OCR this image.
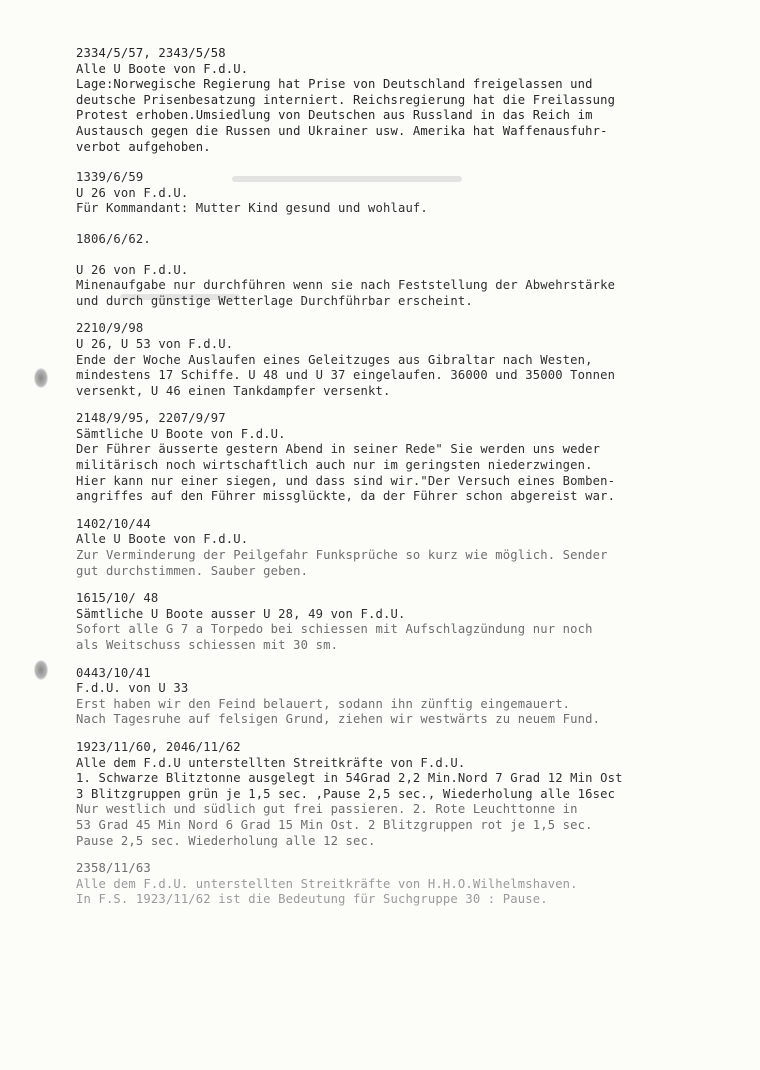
2334/5/57, 2343/5/58
Alle U Boote von F.d.U.
Lage:Norwegische Regierung hat Prise von Deutschland freigelassen und
deutsche Prisenbesatzung interniert. Reichsregierung hat die Freilassung
Protest erhoben.Umsiedlung von Deutschen aus Russland in das Reich im
Austausch gegen die Russen und Ukrainer usw. Amerika hat Waffenausfuhr-
verbot aufgehoben.
1339/6/59
U 26 von F.d.U.
Für Kommandant: Mutter Kind gesund und wohlauf.
1806/6/62.
U 26 von F.d.U.
Minenaufgabe nur durchführen wenn sie nach Feststellung der Abwehrstärke
und durch günstige Wetterlage Durchführbar erscheint.
2210/9/98
U 26, U 53 von F.d.U.
Ende der Woche Auslaufen eines Geleitzuges aus Gibraltar nach Westen,
mindestens 17 Schiffe. U 48 und U 37 eingelaufen. 36000 und 35000 Tonnen
versenkt, U 46 einen Tankdampfer versenkt.
2148/9/95, 2207/9/97
Sämtliche U Boote von F.d.U.
Der Führer äusserte gestern Abend in seiner Rede" Sie werden uns weder
militärisch noch wirtschaftlich auch nur im geringsten niederzwingen.
Hier kann nur einer siegen, und dass sind wir."Der Versuch eines Bomben-
angriffes auf den Führer missglückte, da der Führer schon abgereist war.
1402/10/44
Alle U Boote von F.d.U.
Zur Verminderung der Peilgefahr Funksprüche so kurz wie möglich. Sender
gut durchstimmen. Sauber geben.
1615/10/ 48
Sämtliche U Boote ausser U 28, 49 von F.d.U.
Sofort alle G 7 a Torpedo bei schiessen mit Aufschlagzündung nur noch
als Weitschuss schiessen mit 30 sm.
0443/10/41
F.d.U. von U 33
Erst haben wir den Feind belauert, sodann ihn zünftig eingemauert.
Nach Tagesruhe auf felsigen Grund, ziehen wir westwärts zu neuem Fund.
1923/11/60, 2046/11/62
Alle dem F.d.U unterstellten Streitkräfte von F.d.U.
1. Schwarze Blitztonne ausgelegt in 54Grad 2,2 Min.Nord 7 Grad 12 Min Ost
3 Blitzgruppen grün je 1,5 sec. ,Pause 2,5 sec., Wiederholung alle 16sec
Nur westlich und südlich gut frei passieren. 2. Rote Leuchttonne in
53 Grad 45 Min Nord 6 Grad 15 Min Ost. 2 Blitzgruppen rot je 1,5 sec.
Pause 2,5 sec. Wiederholung alle 12 sec.
2358/11/63
Alle dem F.d.U. unterstellten Streitkräfte von H.H.O.Wilhelmshaven.
In F.S. 1923/11/62 ist die Bedeutung für Suchgruppe 30 : Pause.
